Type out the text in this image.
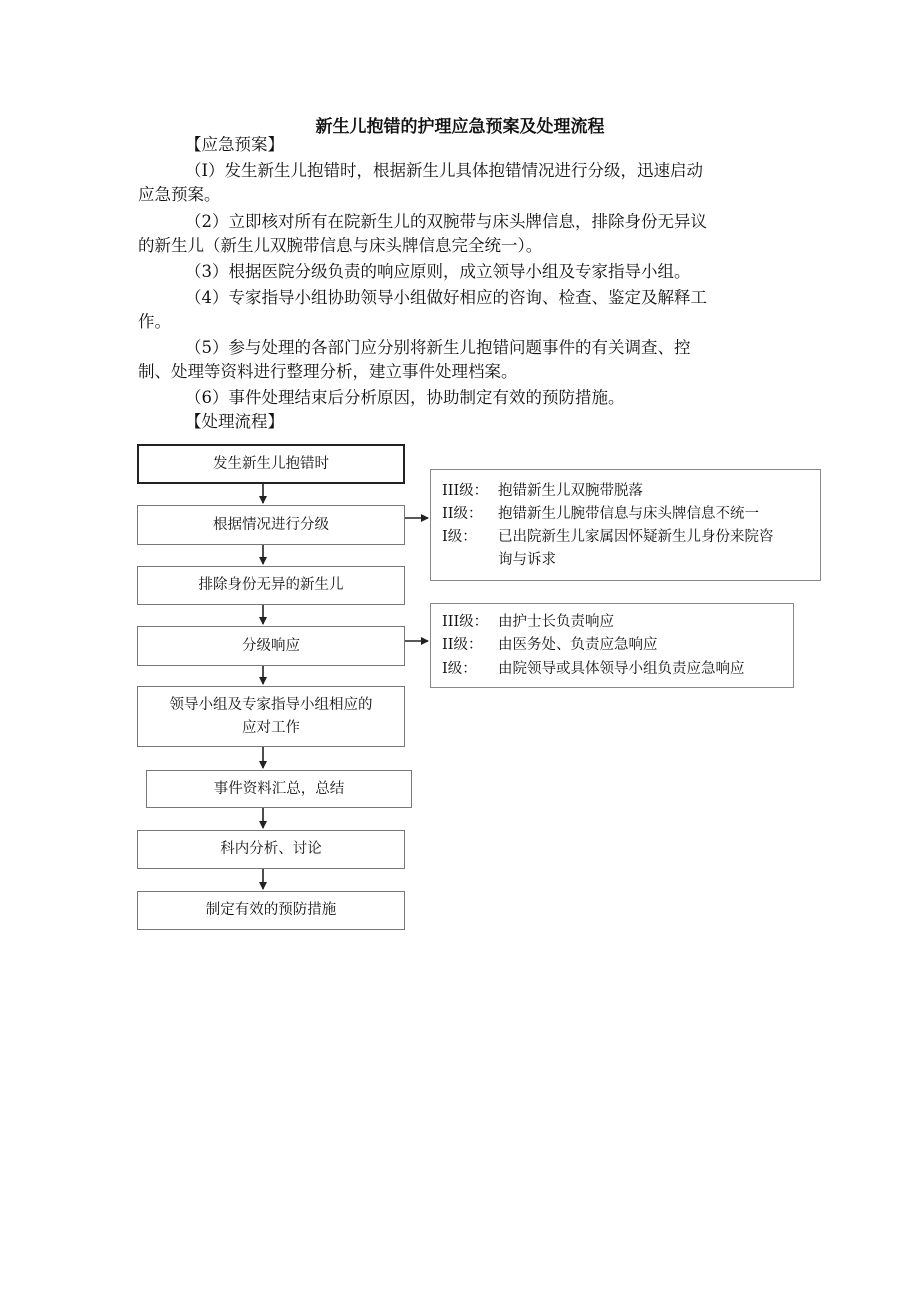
新生儿抱错的护理应急预案及处理流程
【应急预案】
（I）发生新生儿抱错时，根据新生儿具体抱错情况进行分级，迅速启动
应急预案。
（2）立即核对所有在院新生儿的双腕带与床头牌信息，排除身份无异议
的新生儿（新生儿双腕带信息与床头牌信息完全统一）。
（3）根据医院分级负责的响应原则，成立领导小组及专家指导小组。
（4）专家指导小组协助领导小组做好相应的咨询、检查、鉴定及解释工
作。
（5）参与处理的各部门应分别将新生儿抱错问题事件的有关调查、控
制、处理等资料进行整理分析，建立事件处理档案。
（6）事件处理结束后分析原因，协助制定有效的预防措施。
【处理流程】
发生新生儿抱错时
根据情况进行分级
排除身份无异的新生儿
分级响应
领导小组及专家指导小组相应的
应对工作
事件资料汇总，总结
科内分析、讨论
制定有效的预防措施
III级： 抱错新生儿双腕带脱落
II级： 抱错新生儿腕带信息与床头牌信息不统一
I级： 已出院新生儿家属因怀疑新生儿身份来院咨
询与诉求
III级： 由护士长负责响应
II级： 由医务处、负责应急响应
I级： 由院领导或具体领导小组负责应急响应
